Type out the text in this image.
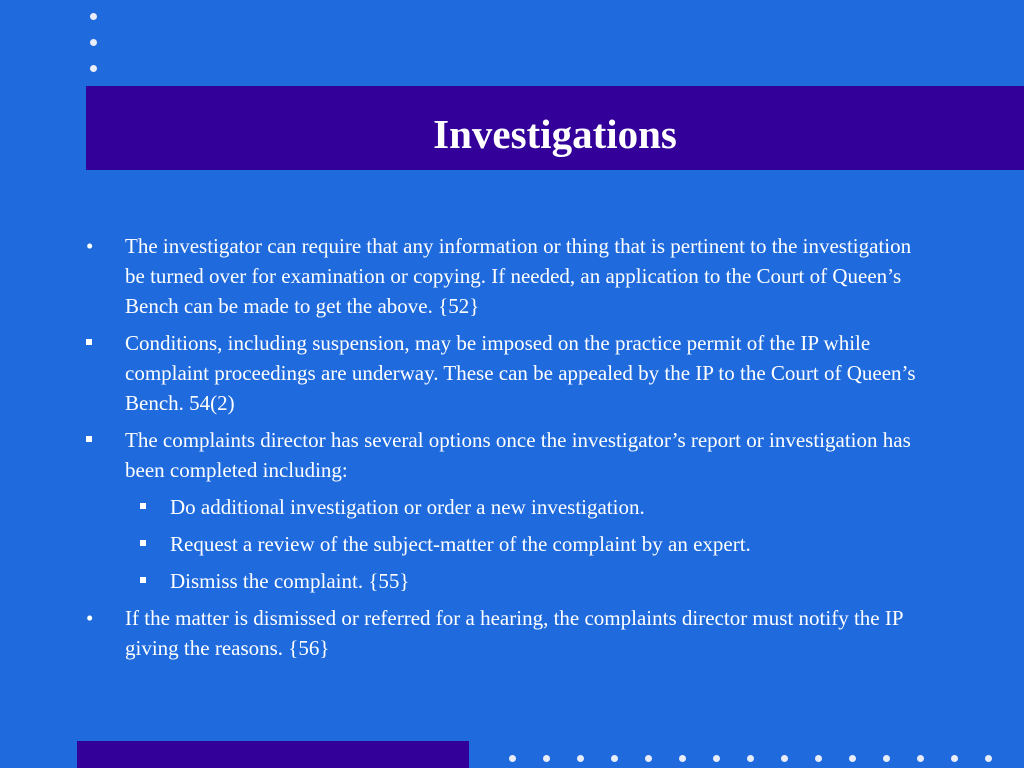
Investigations
•	The investigator can require that any information or thing that is pertinent to the investigation be turned over for examination or copying. If needed, an application to the Court of Queen’s Bench can be made to get the above. {52}
Conditions, including suspension, may be imposed on the practice permit of the IP while complaint proceedings are underway. These can be appealed by the IP to the Court of Queen’s Bench. 54(2)
The complaints director has several options once the investigator’s report or investigation has been completed including:
Do additional investigation or order a new investigation.
Request a review of the subject-matter of the complaint by an expert.
Dismiss the complaint. {55}
•	If the matter is dismissed or referred for a hearing, the complaints director must notify the IP giving the reasons. {56}
